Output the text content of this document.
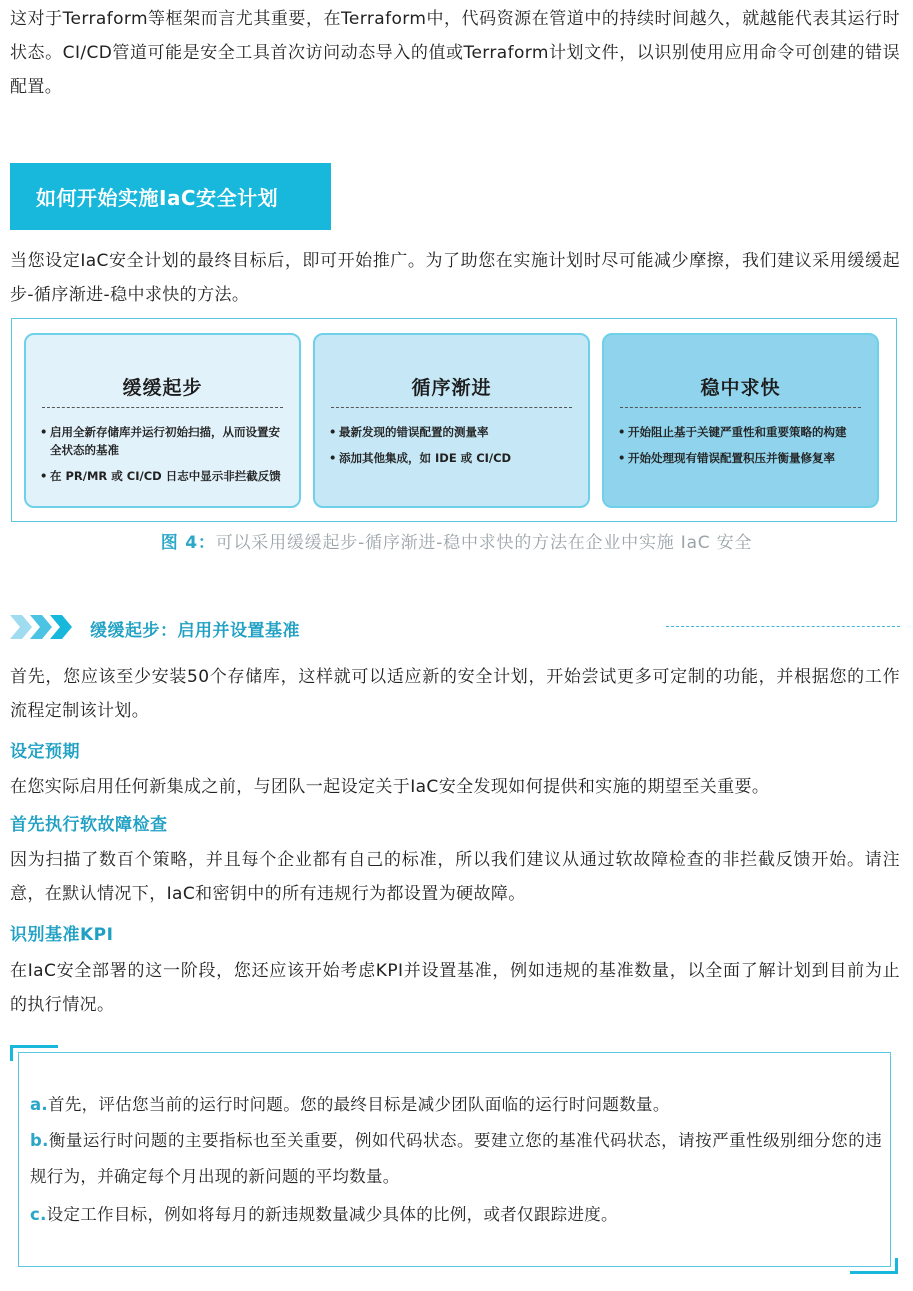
这对于Terraform等框架而言尤其重要，在Terraform中，代码资源在管道中的持续时间越久，就越能代表其运行时状态。CI/CD管道可能是安全工具首次访问动态导入的值或Terraform计划文件，以识别使用应用命令可创建的错误配置。

如何开始实施IaC安全计划

当您设定IaC安全计划的最终目标后，即可开始推广。为了助您在实施计划时尽可能减少摩擦，我们建议采用缓缓起步-循序渐进-稳中求快的方法。

缓缓起步
• 启用全新存储库并运行初始扫描，从而设置安全状态的基准
• 在 PR/MR 或 CI/CD 日志中显示非拦截反馈
循序渐进
• 最新发现的错误配置的测量率
• 添加其他集成，如 IDE 或 CI/CD
稳中求快
• 开始阻止基于关键严重性和重要策略的构建
• 开始处理现有错误配置积压并衡量修复率
图 4：可以采用缓缓起步-循序渐进-稳中求快的方法在企业中实施 IaC 安全
缓缓起步：启用并设置基准

首先，您应该至少安装50个存储库，这样就可以适应新的安全计划，开始尝试更多可定制的功能，并根据您的工作流程定制该计划。

设定预期

在您实际启用任何新集成之前，与团队一起设定关于IaC安全发现如何提供和实施的期望至关重要。

首先执行软故障检查

因为扫描了数百个策略，并且每个企业都有自己的标准，所以我们建议从通过软故障检查的非拦截反馈开始。请注意，在默认情况下，IaC和密钥中的所有违规行为都设置为硬故障。

识别基准KPI

在IaC安全部署的这一阶段，您还应该开始考虑KPI并设置基准，例如违规的基准数量，以全面了解计划到目前为止的执行情况。

a.首先，评估您当前的运行时问题。您的最终目标是减少团队面临的运行时问题数量。

b.衡量运行时问题的主要指标也至关重要，例如代码状态。要建立您的基准代码状态，请按严重性级别细分您的违规行为，并确定每个月出现的新问题的平均数量。

c.设定工作目标，例如将每月的新违规数量减少具体的比例，或者仅跟踪进度。
